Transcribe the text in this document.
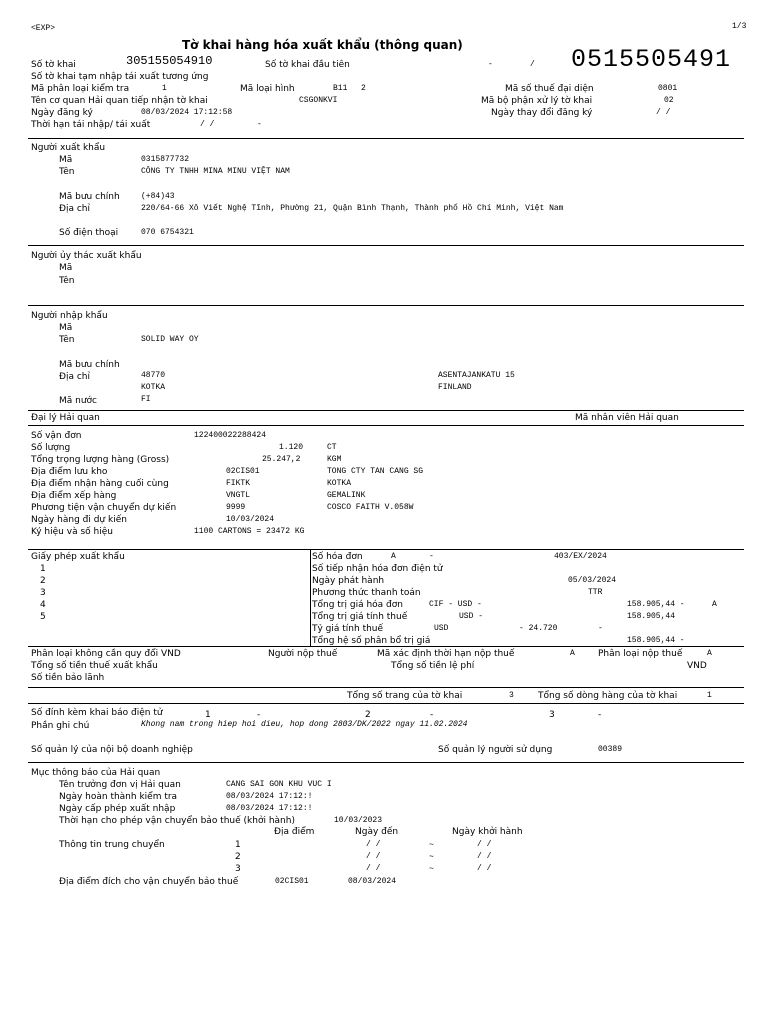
<EXP>	1/3
Tờ khai hàng hóa xuất khẩu (thông quan)
Số tờ khai	305155054910	Số tờ khai đầu tiên	-	/ 0515505491
Số tờ khai tạm nhập tái xuất tương ứng
Mã phân loại kiểm tra	1	Mã loại hình	B11 2	Mã số thuế đại diện	0801
Tên cơ quan Hải quan tiếp nhận tờ khai	CSGONKVI	Mã bộ phận xử lý tờ khai	02
Ngày đăng ký	08/03/2024 17:12:58	Ngày thay đổi đăng ký	/ /
Thời hạn tái nhập/ tái xuất	/ /	-
Người xuất khẩu
Mã	0315877732
Tên	CÔNG TY TNHH MINA MINU VIỆT NAM
Mã bưu chính	(+84)43
Địa chỉ	220/64-66 Xô Viết Nghệ Tĩnh, Phường 21, Quận Bình Thạnh, Thành phố Hồ Chí Minh, Việt Nam
Số điện thoại	070 6754321
Người ủy thác xuất khẩu
Mã
Tên
Người nhập khẩu
Mã
Tên	SOLID WAY OY
Mã bưu chính
Địa chỉ	48770	ASENTAJANKATU 15
KOTKA	FINLAND
Mã nước	FI
Đại lý Hải quan	Mã nhân viên Hải quan
Số vận đơn	122400022288424
Số lượng	1.120	CT
Tổng trọng lượng hàng (Gross)	25.247,2	KGM
Địa điểm lưu kho	02CIS01	TONG CTY TAN CANG SG
Địa điểm nhận hàng cuối cùng	FIKTK	KOTKA
Địa điểm xếp hàng	VNGTL	GEMALINK
Phương tiện vận chuyển dự kiến	9999	COSCO FAITH V.058W
Ngày hàng đi dự kiến	10/03/2024
Ký hiệu và số hiệu	1100 CARTONS = 23472 KG
Giấy phép xuất khẩu
1
2
3
4
5
Số hóa đơn	A	-	403/EX/2024
Số tiếp nhận hóa đơn điện tử
Ngày phát hành	05/03/2024
Phương thức thanh toán	TTR
Tổng trị giá hóa đơn	CIF - USD -	158.905,44 -	A
Tổng trị giá tính thuế	USD -	158.905,44
Tỷ giá tính thuế	USD	- 24.720	-
Tổng hệ số phân bổ trị giá	158.905,44 -
Phân loại không cần quy đổi VND	Người nộp thuế	Mã xác định thời hạn nộp thuế	A	Phân loại nộp thuế	A
Tổng số tiền thuế xuất khẩu	Tổng số tiền lệ phí	VND
Số tiền bảo lãnh
Tổng số trang của tờ khai	3	Tổng số dòng hàng của tờ khai	1
Số đính kèm khai báo điện tử	1	-	2	-	3	-
Phần ghi chú	Khong nam trong hiep hoi dieu, hop dong 2803/DK/2022 ngay 11.02.2024
Số quản lý của nội bộ doanh nghiệp	Số quản lý người sử dụng	00389
Mục thông báo của Hải quan
Tên trưởng đơn vị Hải quan	CANG SAI GON KHU VUC I
Ngày hoàn thành kiểm tra	08/03/2024 17:12:!
Ngày cấp phép xuất nhập	08/03/2024 17:12:!
Thời hạn cho phép vận chuyển bảo thuế (khởi hành)	10/03/2023
Địa điểm	Ngày đến	Ngày khởi hành
Thông tin trung chuyển	1	/ /	~	/ /
2	/ /	~	/ /
3	/ /	~	/ /
Địa điểm đích cho vận chuyển bảo thuế	02CIS01	08/03/2024
